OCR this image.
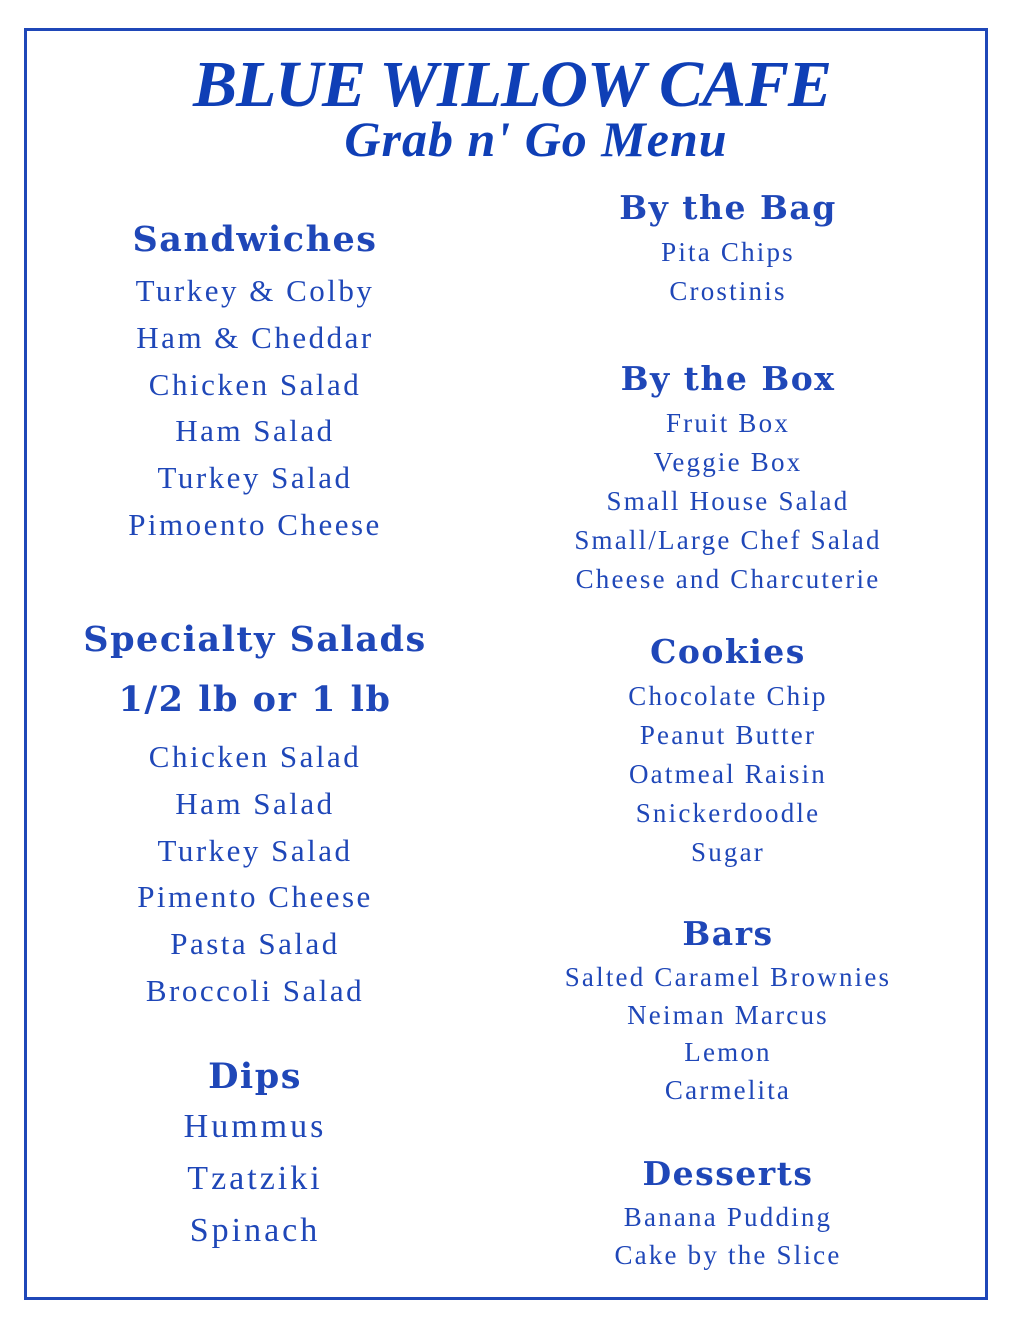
BLUE WILLOW CAFE
Grab n' Go Menu
Sandwiches
Turkey & Colby
Ham & Cheddar
Chicken Salad
Ham Salad
Turkey Salad
Pimoento Cheese
Specialty Salads
1/2 lb or 1 lb
Chicken Salad
Ham Salad
Turkey Salad
Pimento Cheese
Pasta Salad
Broccoli Salad
Dips
Hummus
Tzatziki
Spinach
By the Bag
Pita Chips
Crostinis
By the Box
Fruit Box
Veggie Box
Small House Salad
Small/Large Chef Salad
Cheese and Charcuterie
Cookies
Chocolate Chip
Peanut Butter
Oatmeal Raisin
Snickerdoodle
Sugar
Bars
Salted Caramel Brownies
Neiman Marcus
Lemon
Carmelita
Desserts
Banana Pudding
Cake by the Slice
